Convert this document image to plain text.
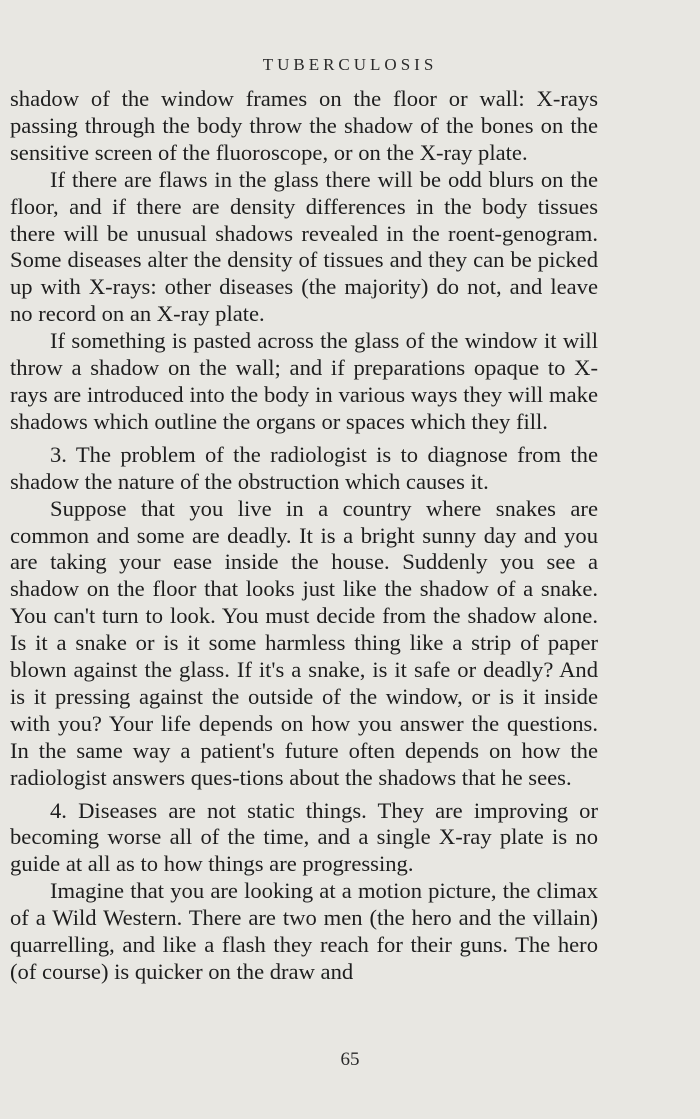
TUBERCULOSIS

shadow of the window frames on the floor or wall: X-rays passing through the body throw the shadow of the bones on the sensitive screen of the fluoroscope, or on the X-ray plate.

If there are flaws in the glass there will be odd blurs on the floor, and if there are density differences in the body tissues there will be unusual shadows revealed in the roent-genogram. Some diseases alter the density of tissues and they can be picked up with X-rays: other diseases (the majority) do not, and leave no record on an X-ray plate.

If something is pasted across the glass of the window it will throw a shadow on the wall; and if preparations opaque to X-rays are introduced into the body in various ways they will make shadows which outline the organs or spaces which they fill.

3. The problem of the radiologist is to diagnose from the shadow the nature of the obstruction which causes it.

Suppose that you live in a country where snakes are common and some are deadly. It is a bright sunny day and you are taking your ease inside the house. Suddenly you see a shadow on the floor that looks just like the shadow of a snake. You can't turn to look. You must decide from the shadow alone. Is it a snake or is it some harmless thing like a strip of paper blown against the glass. If it's a snake, is it safe or deadly? And is it pressing against the outside of the window, or is it inside with you? Your life depends on how you answer the questions. In the same way a patient's future often depends on how the radiologist answers ques-tions about the shadows that he sees.

4. Diseases are not static things. They are improving or becoming worse all of the time, and a single X-ray plate is no guide at all as to how things are progressing.

Imagine that you are looking at a motion picture, the climax of a Wild Western. There are two men (the hero and the villain) quarrelling, and like a flash they reach for their guns. The hero (of course) is quicker on the draw and

65
